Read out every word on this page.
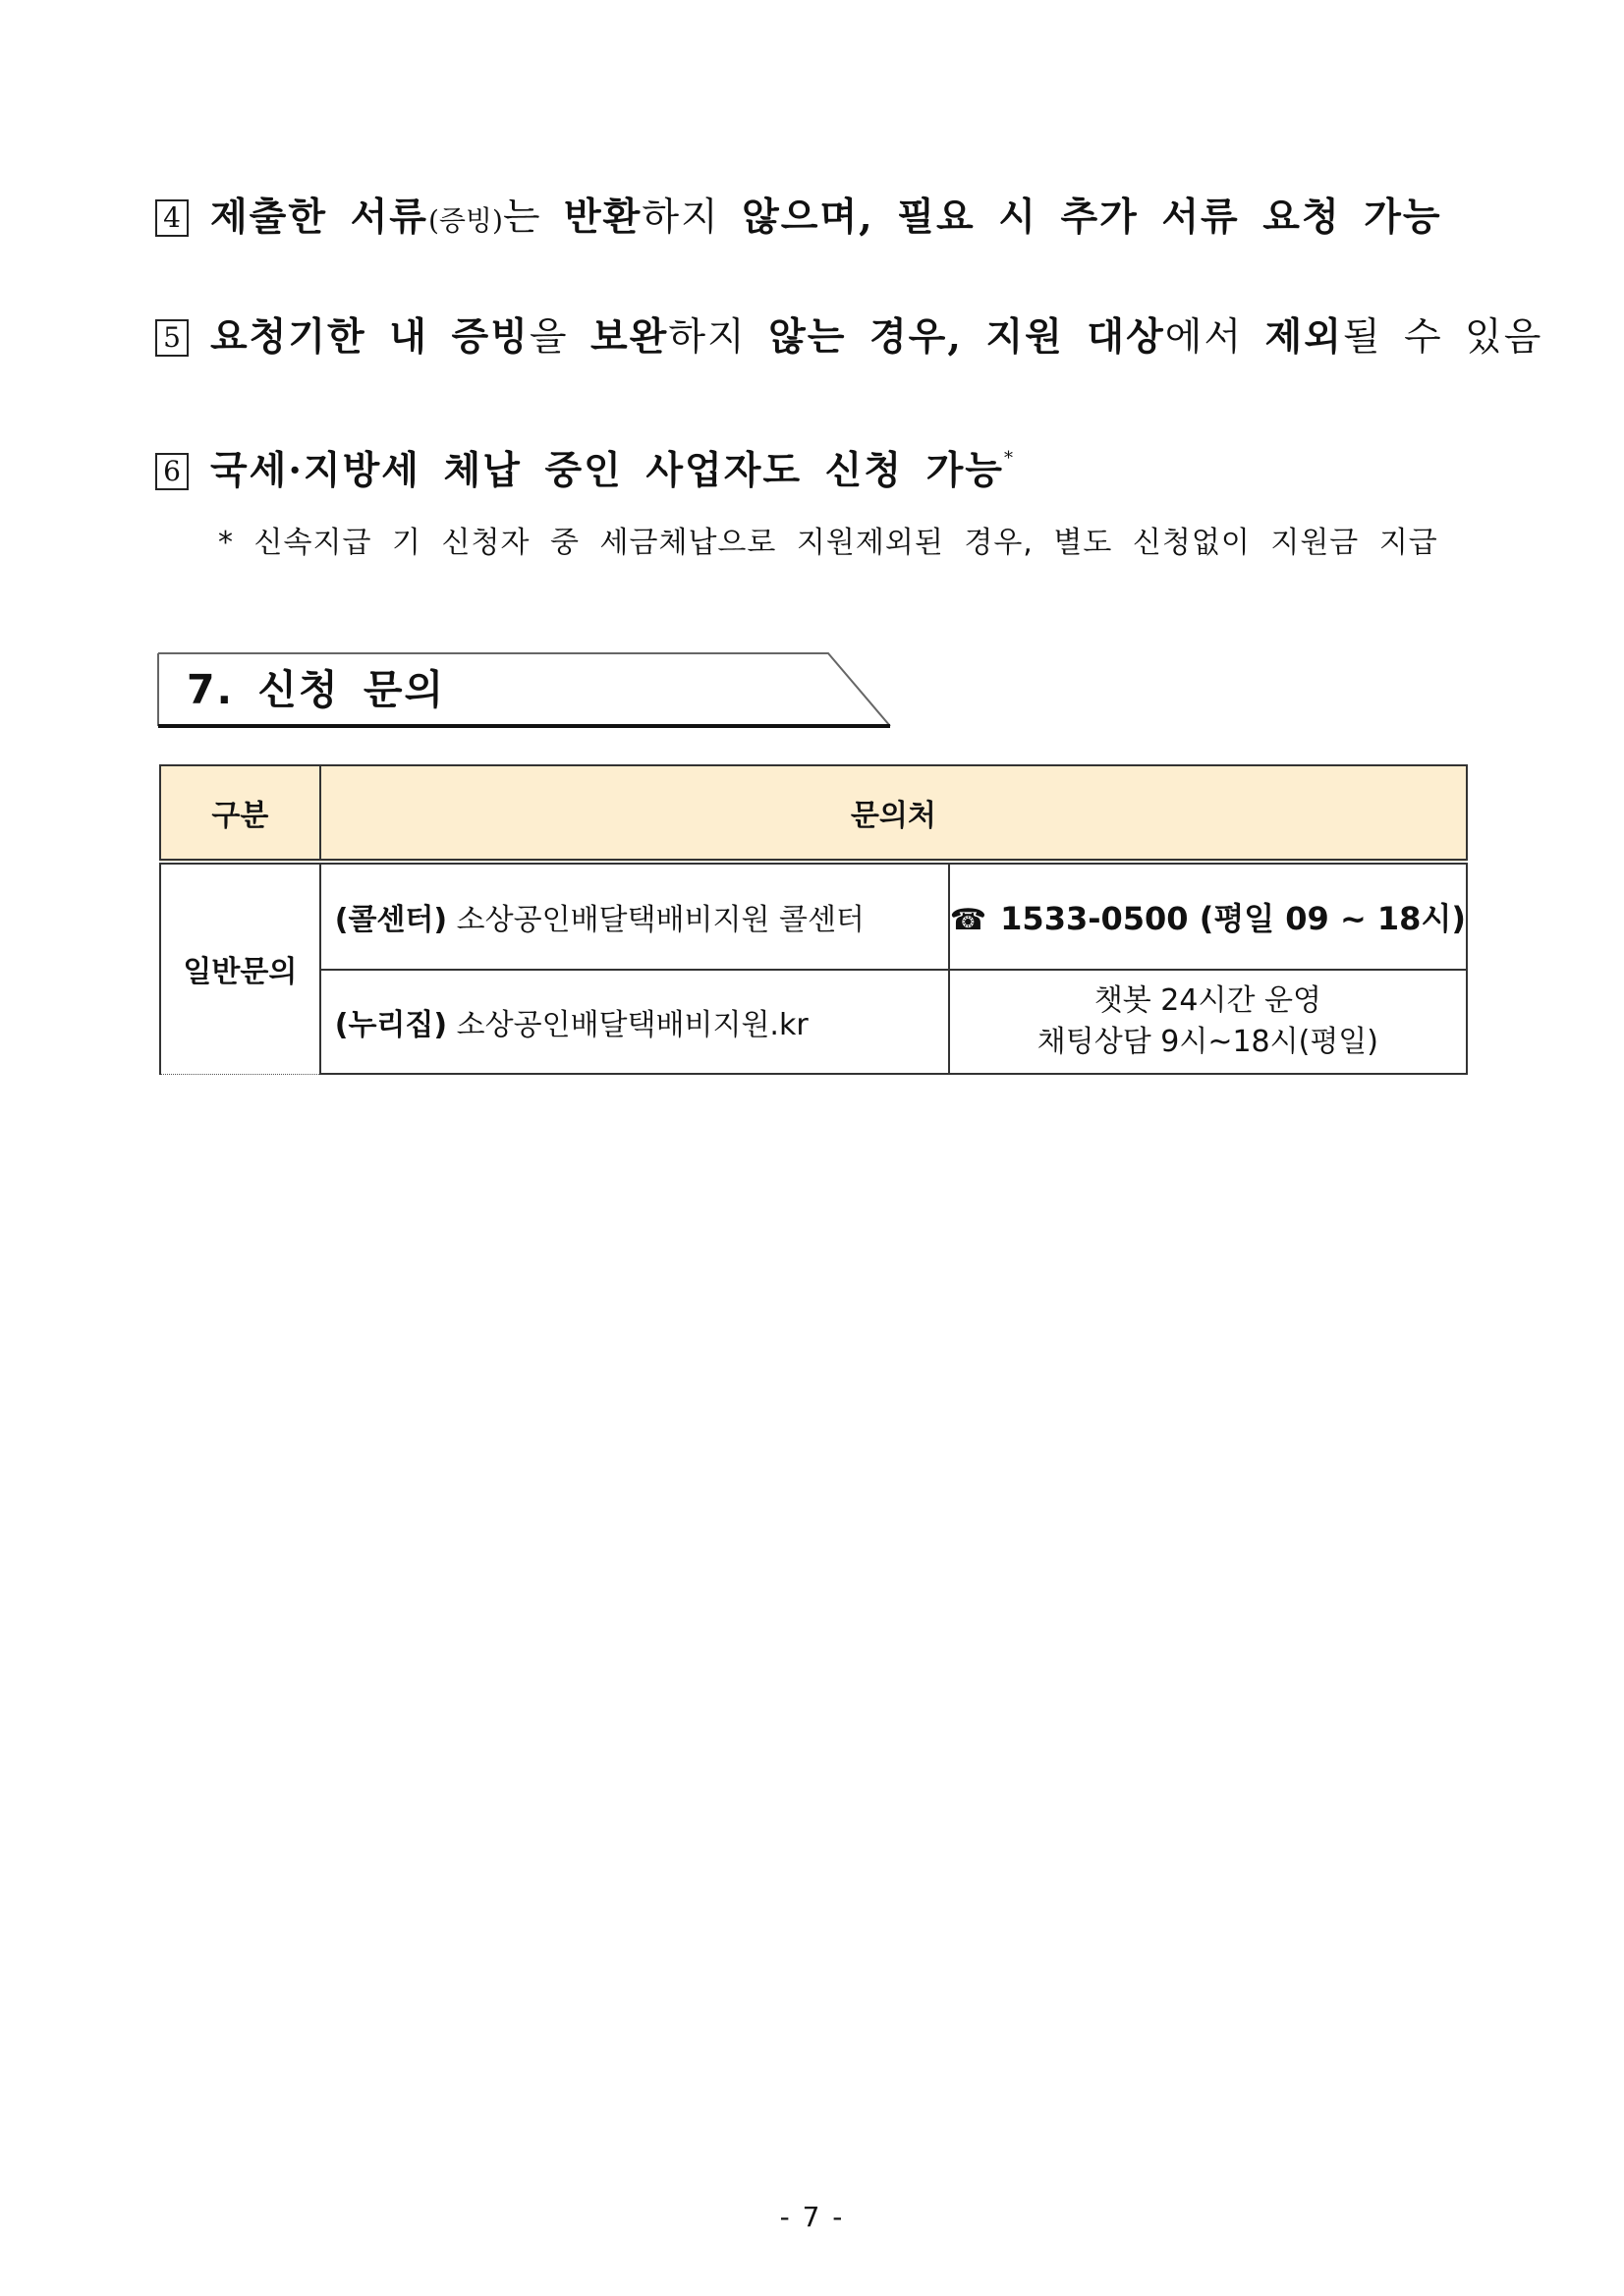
4 제출한 서류(증빙)는 반환하지 않으며, 필요 시 추가 서류 요청 가능
5 요청기한 내 증빙을 보완하지 않는 경우, 지원 대상에서 제외될 수 있음
6 국세·지방세 체납 중인 사업자도 신청 가능*
* 신속지급 기 신청자 중 세금체납으로 지원제외된 경우, 별도 신청없이 지원금 지급
7. 신청 문의
구분	문의처	
일반문의	(콜센터) 소상공인배달택배비지원 콜센터	☎ 1533-0500 (평일 09 ~ 18시)
	(누리집) 소상공인배달택배비지원.kr	챗봇 24시간 운영
채팅상담 9시~18시(평일)
- 7 -
